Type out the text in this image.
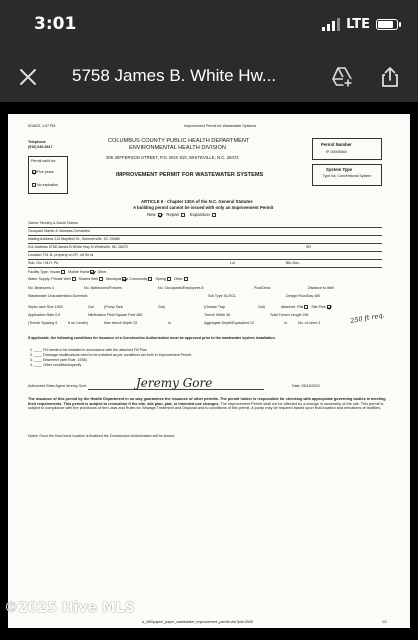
3:01	LTE
5758 James B. White Hw...
5/18/23, 1:57 PM	Improvement Permit for Wastewater Systems
Telephone
(910) 640-6617
Permit valid for:
Five years
No expiration
COLUMBUS COUNTY PUBLIC HEALTH DEPARTMENT
ENVIRONMENTAL HEALTH DIVISION
306 JEFFERSON STREET, P.O. BOX 810, WHITEVILLE, N.C. 28472
IMPROVEMENT PERMIT FOR WASTEWATER SYSTEMS
Permit Number
IP-00005845
System Type
Type IIa: Conventional System
ARTICLE II - Chapter 130A of the N.C. General Statutes
A building permit cannot be issued with only an Improvement Permit
New	Repair	Expansion
Owner Timothy & David Owens
Occupant Martin & Vanessa Cervantes
Mailing Address 113 Mayfield St., Summerville, SC 29485
911 Address 5758 James B White Hwy N Whiteville, NC 28472	SR
Location 701 N- property on R7, off Ifo rd
Sub. Div. / M.H. Pk.	Lot	Blk./Sec.
Facility Type: House Mobile Home Other
Water Supply: Private Well Shared Well Municipal Community Spring Other
No. Bedrooms 4	No. Bathrooms/Fixtures	No. Occupants/Employees 8	Pool/Deck	Distance to Well
Wastewater Characteristics Domestic	Soil Type SL/SCL	Design Flow/Day 480
Septic tank Size 1000	Gal	(Pump Tank	Gal)	(Grease Trap	Gal)	Attached Plat Site Plan
Application Rate 0.5	Nitrification Field Square Feet 480	Trench Width 36	Total Trench Length 240
(Trench Spacing 9	ft on Center)	Max trench Depth 22	in.	Aggregate Depth/Equivalent 12	in.	No. of Lines 3	250 ft req.
If applicable, the following conditions for issuance of a Construction Authorization must be approved prior to the wastewater system installation.
1. ____ Fill needs to be installed in accordance with the attached Fill Plan
2. ____ Drainage modifications need to be installed as per conditions set forth in Improvement Permit.
3. ____ Easement (see Rule .1938)
4. ____ Other conditions/specify
Authorized State Agent Jeremy Gore	Jeremy Gore	Date: 05/18/2023
The issuance of this permit by the Health Department in no way guarantees the issuance of other permits. The permit holder is responsible for checking with appropriate governing bodies in meeting their requirements. This permit is subject to revocation if the site, site plan, plat, or intended use changes. The Improvement Permit shall not be affected by a change in ownership of the site. This permit is subject to compliance with the provisions of the Laws and Rules for Sewage Treatment and Disposal and to conditions of this permit. A pump may be required based upon final location and elevations of facilities.
Notes: Once the final home location is finalized the Construction Authorization will be issued.
d_360/paper/_paper_wastewater_improvement_permit.cfm?pid=2545	1/1
©2025 Hive MLS
